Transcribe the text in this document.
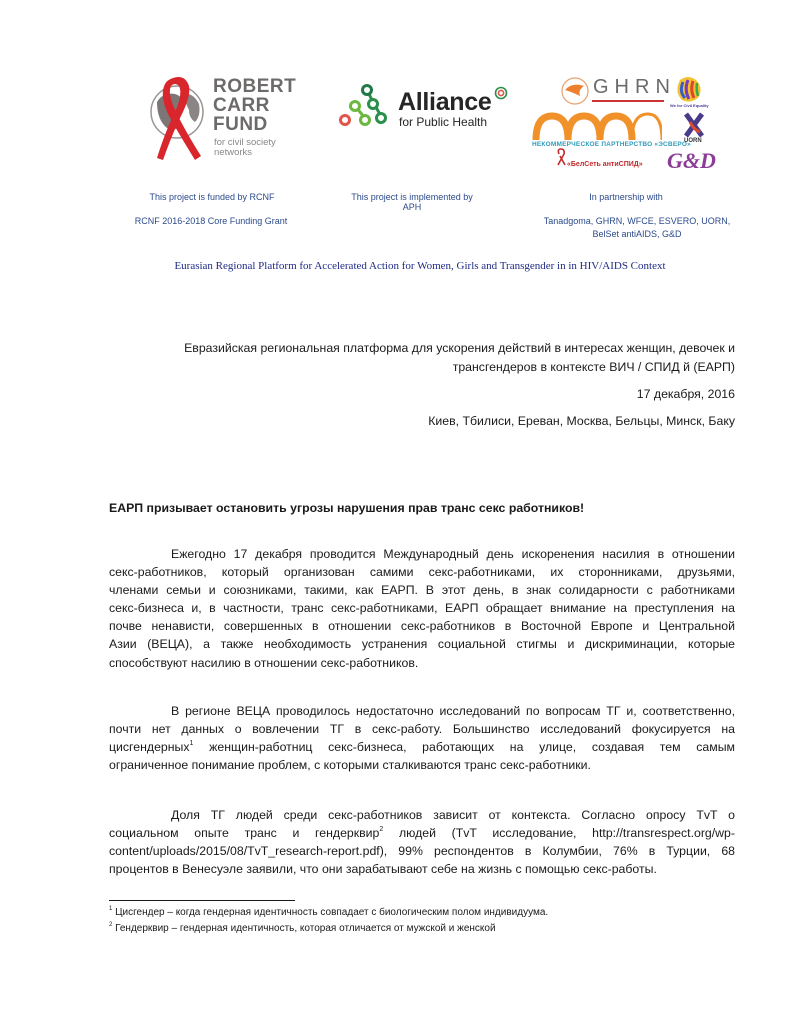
ROBERT
CARR
FUND
for civil society
networks
Alliance
for Public Health
GHRN
We for Civil Equality
НЕКОММЕРЧЕСКОЕ ПАРТНЕРСТВО «ЭСВЕРО»
«БелСеть антиСПИД»
UORN
G&D
This project is funded by RCNF
RCNF 2016-2018 Core Funding Grant
This project is implemented by APH
In partnership with
Tanadgoma, GHRN, WFCE, ESVERO, UORN,
BelSet antiAIDS, G&D
Eurasian Regional Platform for Accelerated Action for Women, Girls and Transgender in in HIV/AIDS Context
Евразийская региональная платформа для ускорения действий в интересах женщин, девочек и
трансгендеров в контексте ВИЧ / СПИД й (ЕАРП)
17 декабря, 2016
Киев, Тбилиси, Ереван, Москва, Бельцы, Минск, Баку
ЕАРП призывает остановить угрозы нарушения прав транс секс работников!
Ежегодно 17 декабря проводится Международный день искоренения насилия в отношении
секс-работников, который организован самими секс-работниками, их сторонниками, друзьями,
членами семьи и союзниками, такими, как ЕАРП. В этот день, в знак солидарности с работниками
секс-бизнеса и, в частности, транс секс-работниками, ЕАРП обращает внимание на преступления на
почве ненависти, совершенных в отношении секс-работников в Восточной Европе и Центральной
Азии (ВЕЦА), а также необходимость устранения социальной стигмы и дискриминации, которые
способствуют насилию в отношении секс-работников.
В регионе ВЕЦА проводилось недостаточно исследований по вопросам ТГ и, соответственно,
почти нет данных о вовлечении ТГ в секс-работу. Большинство исследований фокусируется на
цисгендерных$^1$ женщин-работниц секс-бизнеса, работающих на улице, создавая тем самым
ограниченное понимание проблем, с которыми сталкиваются транс секс-работники.
Доля ТГ людей среди секс-работников зависит от контекста. Согласно опросу TvT о
социальном опыте транс и гендерквир$^2$ людей (TvT исследование, http://transrespect.org/wp-
content/uploads/2015/08/TvT_research-report.pdf), 99% респондентов в Колумбии, 76% в Турции, 68
процентов в Венесуэле заявили, что они зарабатывают себе на жизнь с помощью секс-работы.
$^1$ Цисгендер – когда гендерная идентичность совпадает с биологическим полом индивидуума.
$^2$ Гендерквир – гендерная идентичность, которая отличается от мужской и женской
